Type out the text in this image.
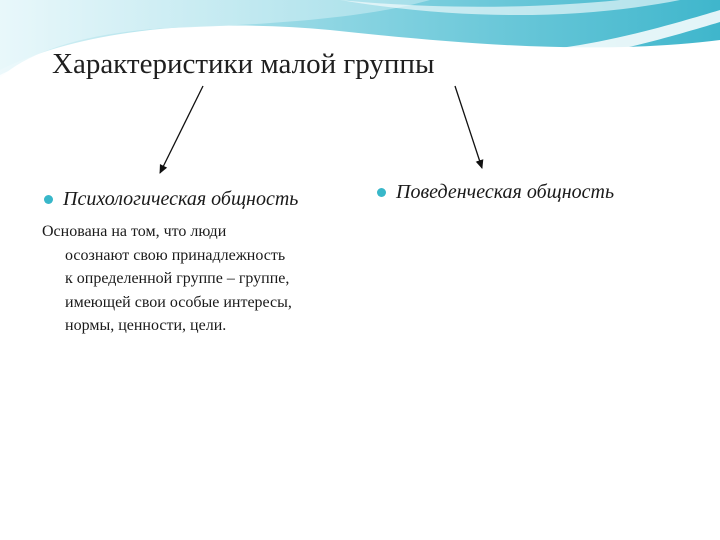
Характеристики малой группы
Психологическая общность	Поведенческая общность
Основана на том, что люди
осознают свою принадлежность
к определенной группе – группе,
имеющей свои особые интересы,
нормы, ценности, цели.
